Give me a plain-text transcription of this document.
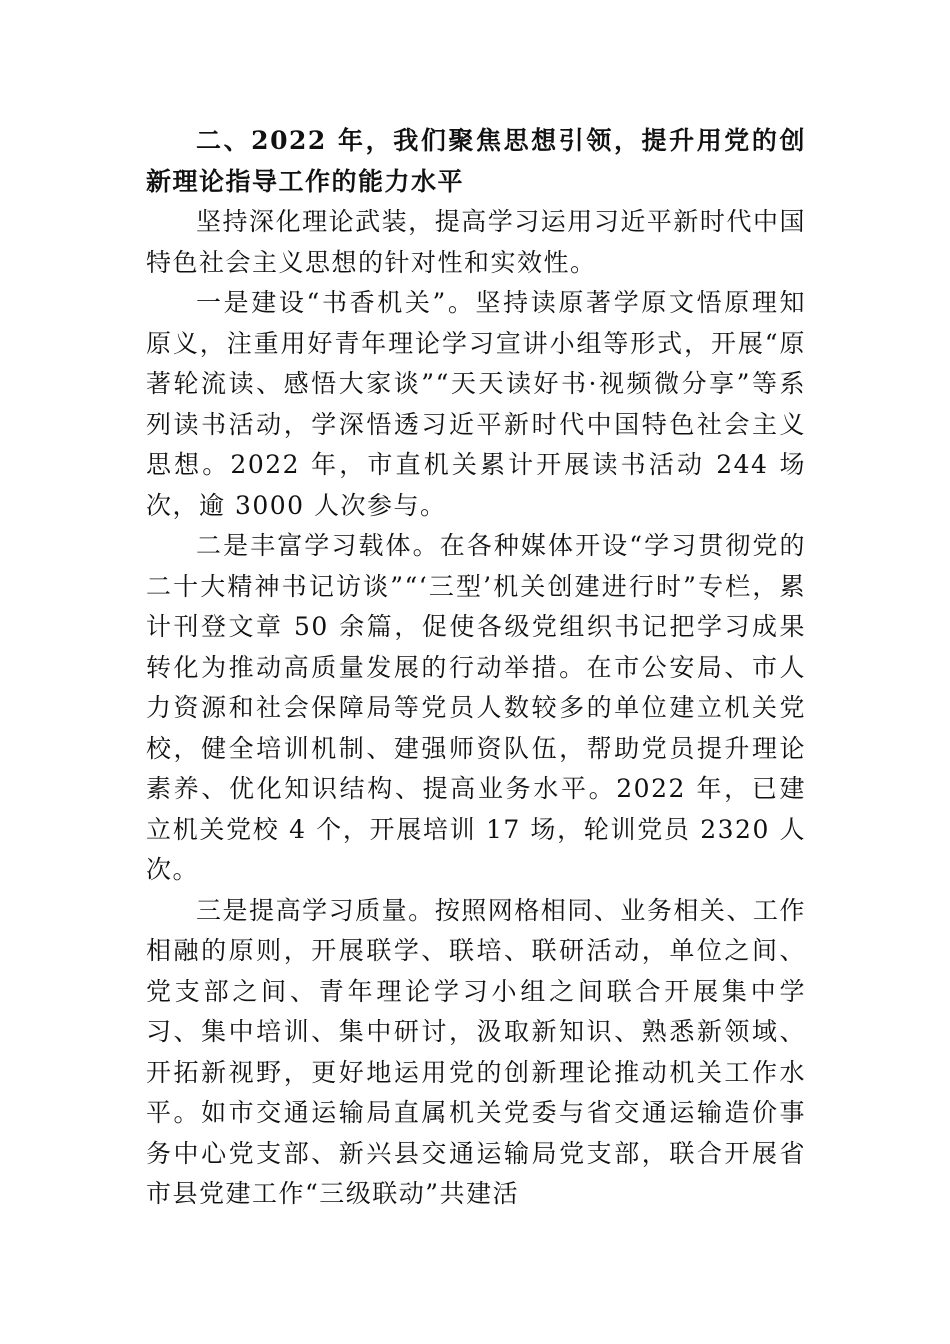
二、2022 年，我们聚焦思想引领，提升用党的创新理论指导工作的能力水平

坚持深化理论武装，提高学习运用习近平新时代中国特色社会主义思想的针对性和实效性。

一是建设“书香机关”。坚持读原著学原文悟原理知原义，注重用好青年理论学习宣讲小组等形式，开展“原著轮流读、感悟大家谈”“天天读好书·视频微分享”等系列读书活动，学深悟透习近平新时代中国特色社会主义思想。2022 年，市直机关累计开展读书活动 244 场次，逾 3000 人次参与。

二是丰富学习载体。在各种媒体开设“学习贯彻党的二十大精神书记访谈”“‘三型’机关创建进行时”专栏，累计刊登文章 50 余篇，促使各级党组织书记把学习成果转化为推动高质量发展的行动举措。在市公安局、市人力资源和社会保障局等党员人数较多的单位建立机关党校，健全培训机制、建强师资队伍，帮助党员提升理论素养、优化知识结构、提高业务水平。2022 年，已建立机关党校 4 个，开展培训 17 场，轮训党员 2320 人次。

三是提高学习质量。按照网格相同、业务相关、工作相融的原则，开展联学、联培、联研活动，单位之间、党支部之间、青年理论学习小组之间联合开展集中学习、集中培训、集中研讨，汲取新知识、熟悉新领域、开拓新视野，更好地运用党的创新理论推动机关工作水平。如市交通运输局直属机关党委与省交通运输造价事务中心党支部、新兴县交通运输局党支部，联合开展省市县党建工作“三级联动”共建活
